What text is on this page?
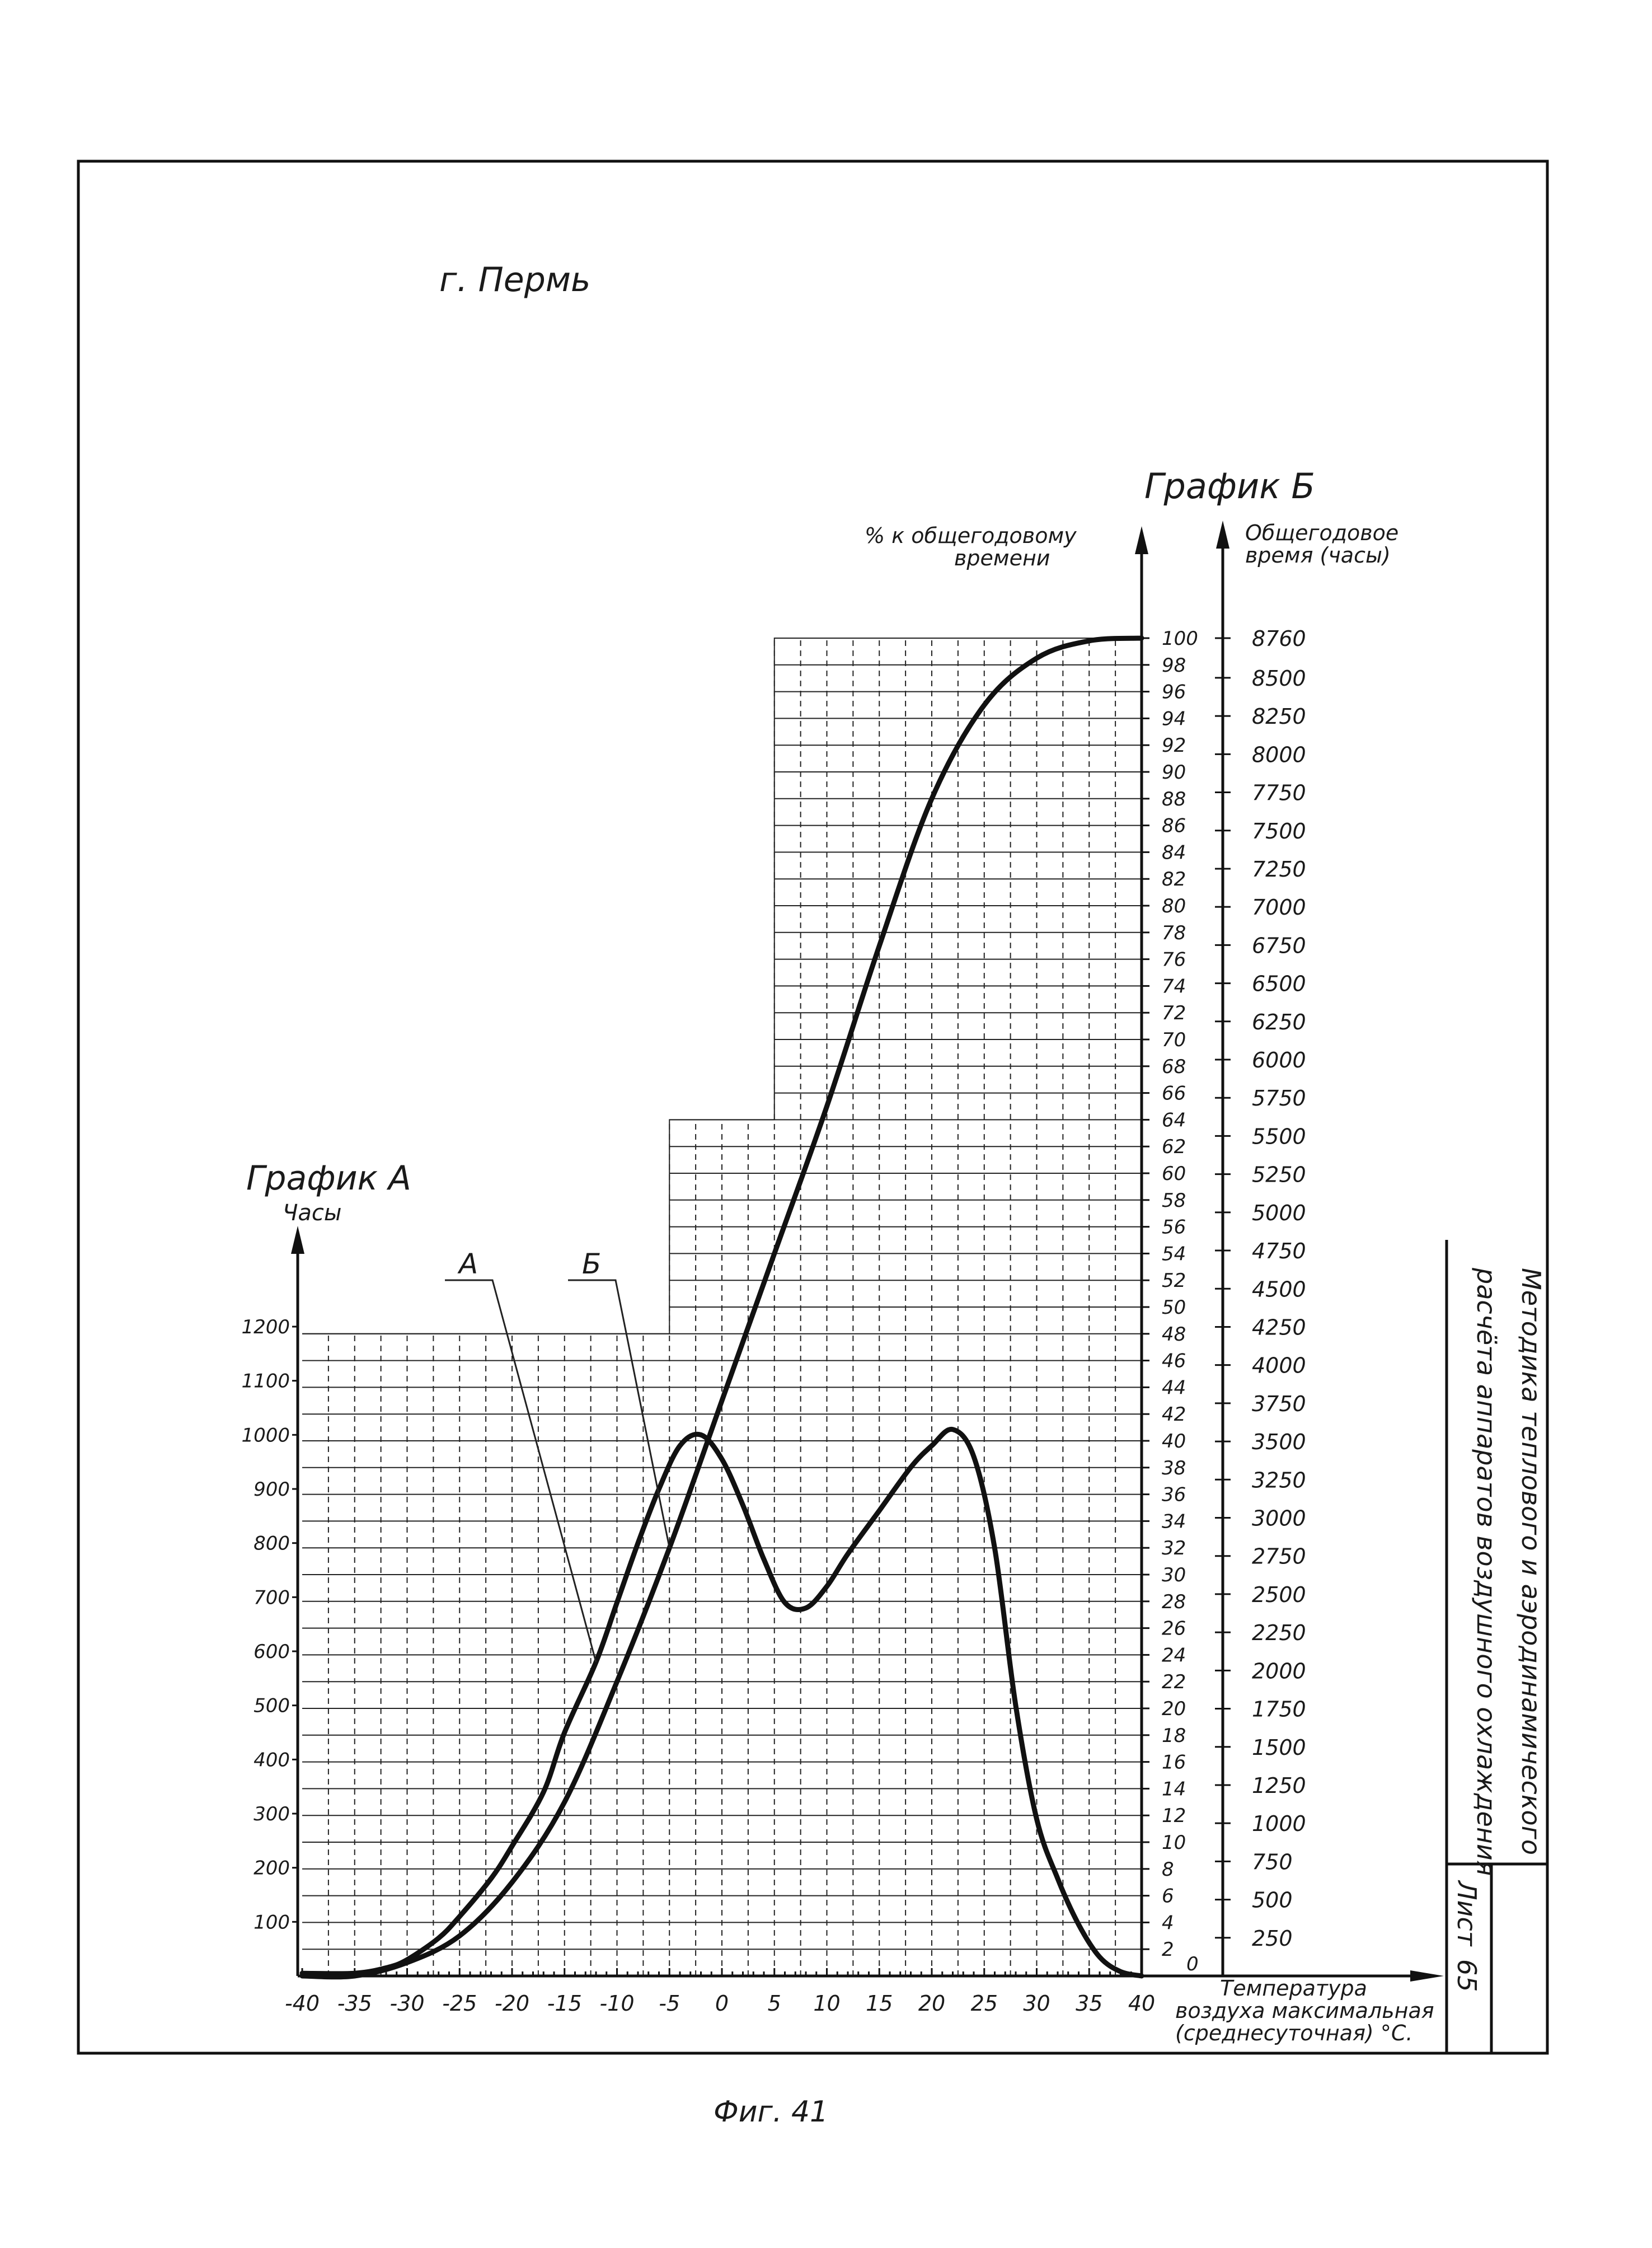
г. Пермь
График Б
График А
Часы
% к общегодовому
времени
Общегодовое
время (часы)
Температура
воздуха максимальная
(среднесуточная) °C.
Фиг. 41
Методика теплового и аэродинамического
расчёта аппаратов воздушного охлаждения
Лист
65
-40 -35 -30 -25 -20 -15 -10 -5 0 5 10 15 20 25 30 35 40
100
200
300
400
500
600
700
800
900
1000
1100
1200
2
4
6
8
10
12
14
16
18
20
22
24
26
28
30
32
34
36
38
40
42
44
46
48
50
52
54
56
58
60
62
64
66
68
70
72
74
76
78
80
82
84
86
88
90
92
94
96
98
100
0
250
500
750
1000
1250
1500
1750
2000
2250
2500
2750
3000
3250
3500
3750
4000
4250
4500
4750
5000
5250
5500
5750
6000
6250
6500
6750
7000
7250
7500
7750
8000
8250
8500
8760
А	Б
